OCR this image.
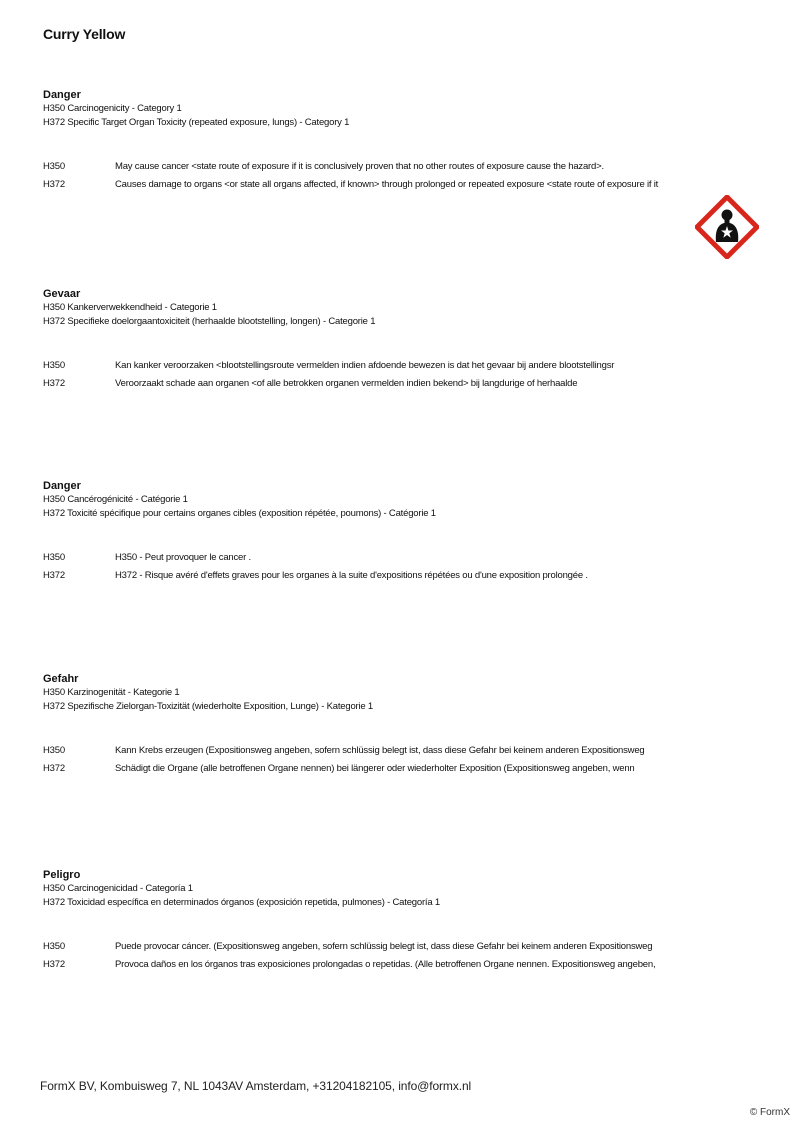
Curry Yellow
Danger
H350 Carcinogenicity - Category 1
H372 Specific Target Organ Toxicity (repeated exposure, lungs) - Category 1
H350	May cause cancer <state route of exposure if it is conclusively proven that no other routes of exposure cause the hazard>.
H372	Causes damage to organs <or state all organs affected, if known> through prolonged or repeated exposure <state route of exposure if it
Gevaar
H350 Kankerverwekkendheid - Categorie 1
H372 Specifieke doelorgaantoxiciteit (herhaalde blootstelling, longen) - Categorie 1
H350	Kan kanker veroorzaken <blootstellingsroute vermelden indien afdoende bewezen is dat het gevaar bij andere blootstellingsr
H372	Veroorzaakt schade aan organen <of alle betrokken organen vermelden indien bekend> bij langdurige of herhaalde
Danger
H350 Cancérogénicité - Catégorie 1
H372 Toxicité spécifique pour certains organes cibles (exposition répétée, poumons) - Catégorie 1
H350	H350 - Peut provoquer le cancer .
H372	H372 - Risque avéré d'effets graves pour les organes à la suite d'expositions répétées ou d'une exposition prolongée .
Gefahr
H350 Karzinogenität - Kategorie 1
H372 Spezifische Zielorgan-Toxizität (wiederholte Exposition, Lunge) - Kategorie 1
H350	Kann Krebs erzeugen (Expositionsweg angeben, sofern schlüssig belegt ist, dass diese Gefahr bei keinem anderen Expositionsweg
H372	Schädigt die Organe (alle betroffenen Organe nennen) bei längerer oder wiederholter Exposition (Expositionsweg angeben, wenn
Peligro
H350 Carcinogenicidad - Categoría 1
H372 Toxicidad específica en determinados órganos (exposición repetida, pulmones) - Categoría 1
H350	Puede provocar cáncer. (Expositionsweg angeben, sofern schlüssig belegt ist, dass diese Gefahr bei keinem anderen Expositionsweg
H372	Provoca daños en los órganos tras exposiciones prolongadas o repetidas. (Alle betroffenen Organe nennen. Expositionsweg angeben,
FormX BV, Kombuisweg 7, NL 1043AV Amsterdam, +31204182105, info@formx.nl
© FormX
